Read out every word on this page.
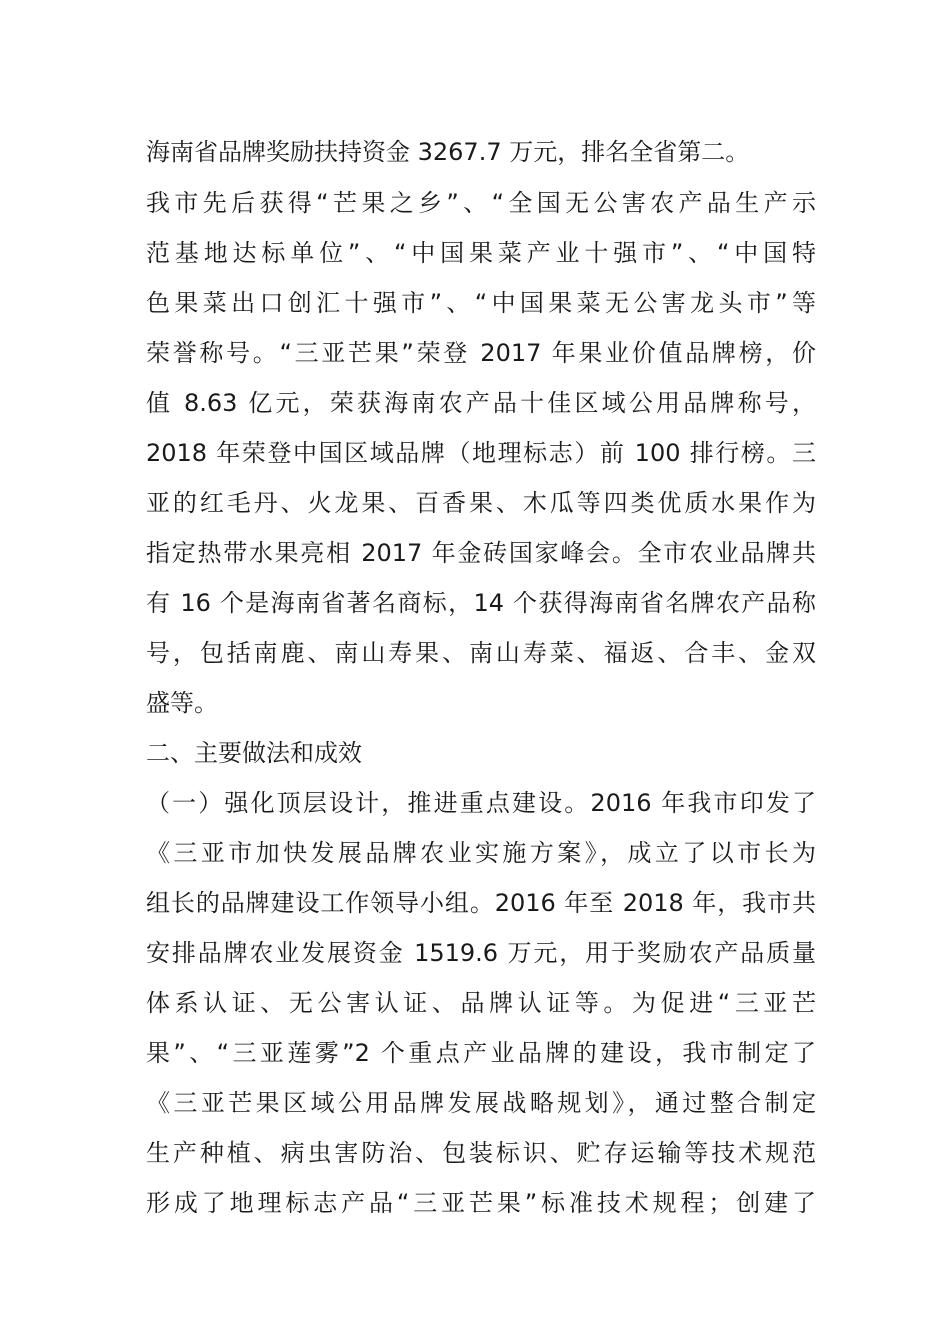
海南省品牌奖励扶持资金 3267.7 万元，排名全省第二。
我市先后获得“芒果之乡”、“全国无公害农产品生产示
范基地达标单位”、“中国果菜产业十强市”、“中国特
色果菜出口创汇十强市”、“中国果菜无公害龙头市”等
荣誉称号。“三亚芒果”荣登 2017 年果业价值品牌榜，价
值 8.63 亿元，荣获海南农产品十佳区域公用品牌称号，
2018 年荣登中国区域品牌（地理标志）前 100 排行榜。三
亚的红毛丹、火龙果、百香果、木瓜等四类优质水果作为
指定热带水果亮相 2017 年金砖国家峰会。全市农业品牌共
有 16 个是海南省著名商标，14 个获得海南省名牌农产品称
号，包括南鹿、南山寿果、南山寿菜、福返、合丰、金双
盛等。
二、主要做法和成效
（一）强化顶层设计，推进重点建设。2016 年我市印发了
《三亚市加快发展品牌农业实施方案》，成立了以市长为
组长的品牌建设工作领导小组。2016 年至 2018 年，我市共
安排品牌农业发展资金 1519.6 万元，用于奖励农产品质量
体系认证、无公害认证、品牌认证等。为促进“三亚芒
果”、“三亚莲雾”2 个重点产业品牌的建设，我市制定了
《三亚芒果区域公用品牌发展战略规划》，通过整合制定
生产种植、病虫害防治、包装标识、贮存运输等技术规范
形成了地理标志产品“三亚芒果”标准技术规程；创建了
